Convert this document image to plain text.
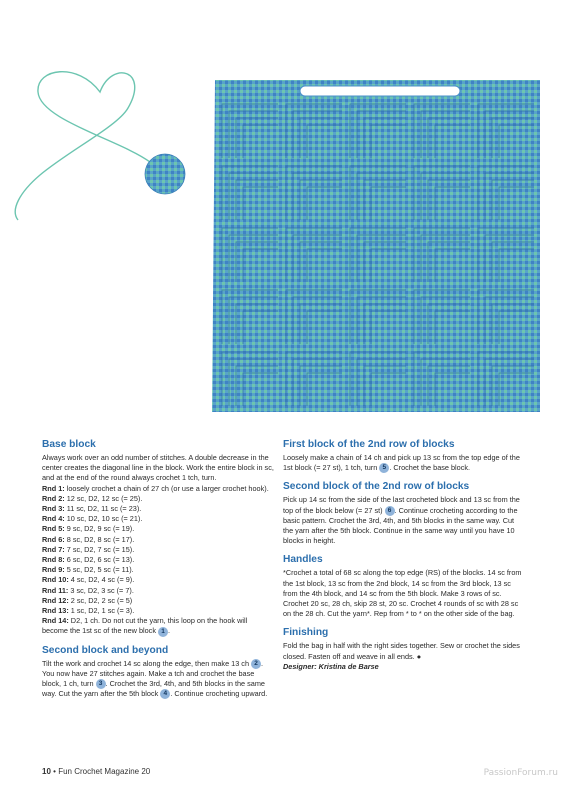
Base block

Always work over an odd number of stitches. A double decrease in the center creates the diagonal line in the block. Work the entire block in sc, and at the end of the round always crochet 1 tch, turn.

Rnd 1: loosely crochet a chain of 27 ch (or use a larger crochet hook).

Rnd 2: 12 sc, D2, 12 sc (= 25).

Rnd 3: 11 sc, D2, 11 sc (= 23).

Rnd 4: 10 sc, D2, 10 sc (= 21).

Rnd 5: 9 sc, D2, 9 sc (= 19).

Rnd 6: 8 sc, D2, 8 sc (= 17).

Rnd 7: 7 sc, D2, 7 sc (= 15).

Rnd 8: 6 sc, D2, 6 sc (= 13).

Rnd 9: 5 sc, D2, 5 sc (= 11).

Rnd 10: 4 sc, D2, 4 sc (= 9).

Rnd 11: 3 sc, D2, 3 sc (= 7).

Rnd 12: 2 sc, D2, 2 sc (= 5)

Rnd 13: 1 sc, D2, 1 sc (= 3).

Rnd 14: D2, 1 ch. Do not cut the yarn, this loop on the hook will become the 1st sc of the new block 1 .

Second block and beyond

Tilt the work and crochet 14 sc along the edge, then make 13 ch 2 . You now have 27 stitches again. Make a tch and crochet the base block, 1 ch, turn 3 . Crochet the 3rd, 4th, and 5th blocks in the same way. Cut the yarn after the 5th block 4 . Continue crocheting upward.

First block of the 2nd row of blocks

Loosely make a chain of 14 ch and pick up 13 sc from the top edge of the 1st block (= 27 st), 1 tch, turn 5 . Crochet the base block.

Second block of the 2nd row of blocks

Pick up 14 sc from the side of the last crocheted block and 13 sc from the top of the block below (= 27 st) 6 . Continue crocheting according to the basic pattern. Crochet the 3rd, 4th, and 5th blocks in the same way. Cut the yarn after the 5th block. Continue in the same way until you have 10 blocks in height.

Handles

*Crochet a total of 68 sc along the top edge (RS) of the blocks. 14 sc from the 1st block, 13 sc from the 2nd block, 14 sc from the 3rd block, 13 sc from the 4th block, and 14 sc from the 5th block. Make 3 rows of sc. Crochet 20 sc, 28 ch, skip 28 st, 20 sc. Crochet 4 rounds of sc with 28 sc on the 28 ch. Cut the yarn*. Rep from * to * on the other side of the bag.

Finishing

Fold the bag in half with the right sides together. Sew or crochet the sides closed. Fasten off and weave in all ends. ●

Designer: Kristina de Barse

10 • Fun Crochet Magazine 20	PassionForum.ru
